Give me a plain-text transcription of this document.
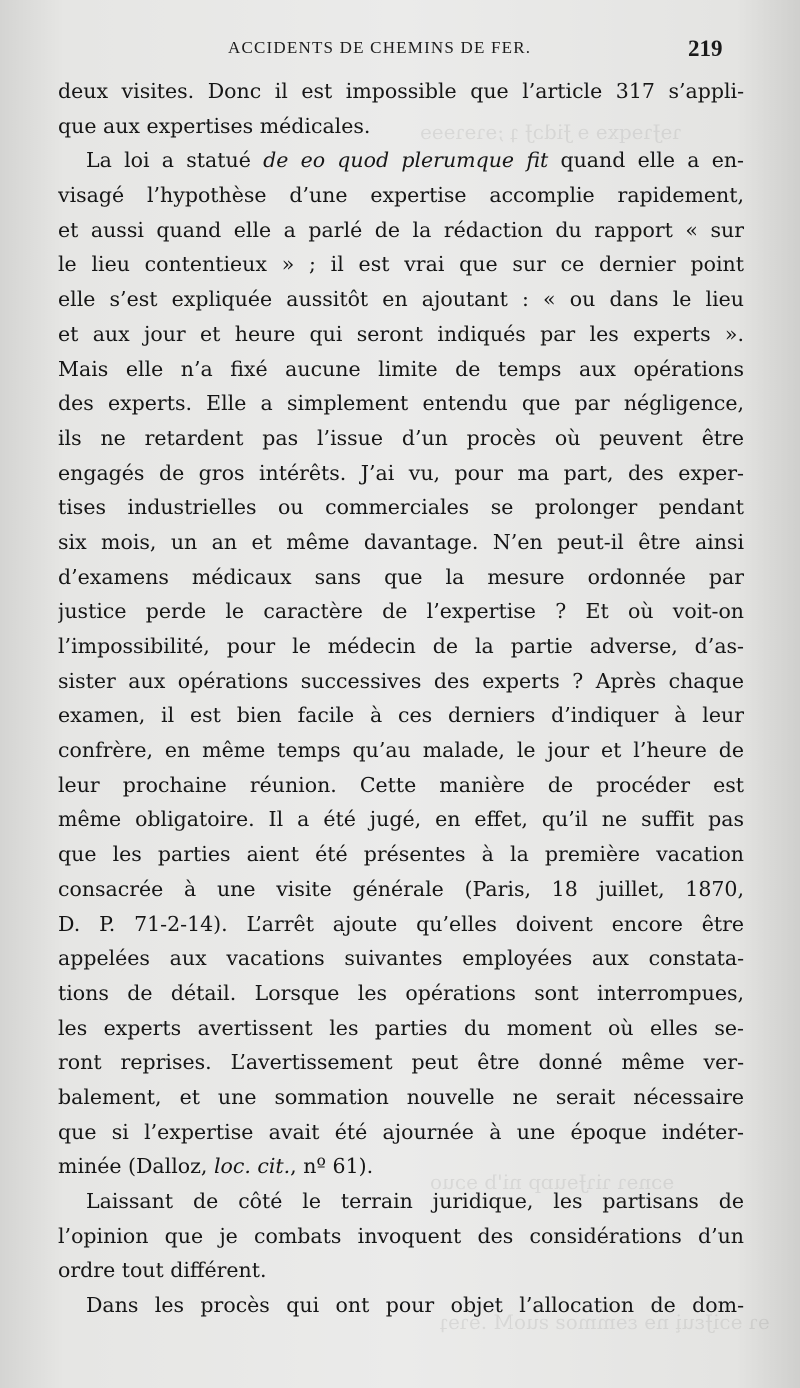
ACCIDENTS DE CHEMINS DE FER.	219
deux visites. Donc il est impossible que l’article 317 s’appli-
que aux expertises médicales.
La loi a statué de eo quod plerumque fit quand elle a en-
visagé l’hypothèse d’une expertise accomplie rapidement,
et aussi quand elle a parlé de la rédaction du rapport « sur
le lieu contentieux » ; il est vrai que sur ce dernier point
elle s’est expliquée aussitôt en ajoutant : « ou dans le lieu
et aux jour et heure qui seront indiqués par les experts ».
Mais elle n’a fixé aucune limite de temps aux opérations
des experts. Elle a simplement entendu que par négligence,
ils ne retardent pas l’issue d’un procès où peuvent être
engagés de gros intérêts. J’ai vu, pour ma part, des exper-
tises industrielles ou commerciales se prolonger pendant
six mois, un an et même davantage. N’en peut-il être ainsi
d’examens médicaux sans que la mesure ordonnée par
justice perde le caractère de l’expertise ? Et où voit-on
l’impossibilité, pour le médecin de la partie adverse, d’as-
sister aux opérations successives des experts ? Après chaque
examen, il est bien facile à ces derniers d’indiquer à leur
confrère, en même temps qu’au malade, le jour et l’heure de
leur prochaine réunion. Cette manière de procéder est
même obligatoire. Il a été jugé, en effet, qu’il ne suffit pas
que les parties aient été présentes à la première vacation
consacrée à une visite générale (Paris, 18 juillet, 1870,
D. P. 71-2-14). L’arrêt ajoute qu’elles doivent encore être
appelées aux vacations suivantes employées aux constata-
tions de détail. Lorsque les opérations sont interrompues,
les experts avertissent les parties du moment où elles se-
ront reprises. L’avertissement peut être donné même ver-
balement, et une sommation nouvelle ne serait nécessaire
que si l’expertise avait été ajournée à une époque indéter-
minée (Dalloz, loc. cit., nº 61).
Laissant de côté le terrain juridique, les partisans de
l’opinion que je combats invoquent des considérations d’un
ordre tout différent.
Dans les procès qui ont pour objet l’allocation de dom-
ɿɘɈɿɘqxɘ ɘ ɈidɔɈ ʇ ;ɘɿɘɿɘɘɘ
ɘɔnɘɿ ɿiɿɈɘuɒp ni'b ɘɔuo
ɘɿ ɘɔiɈɛuį nɘ ɛɘmmoƨ ƨuoM .ɘɿɘʇ
